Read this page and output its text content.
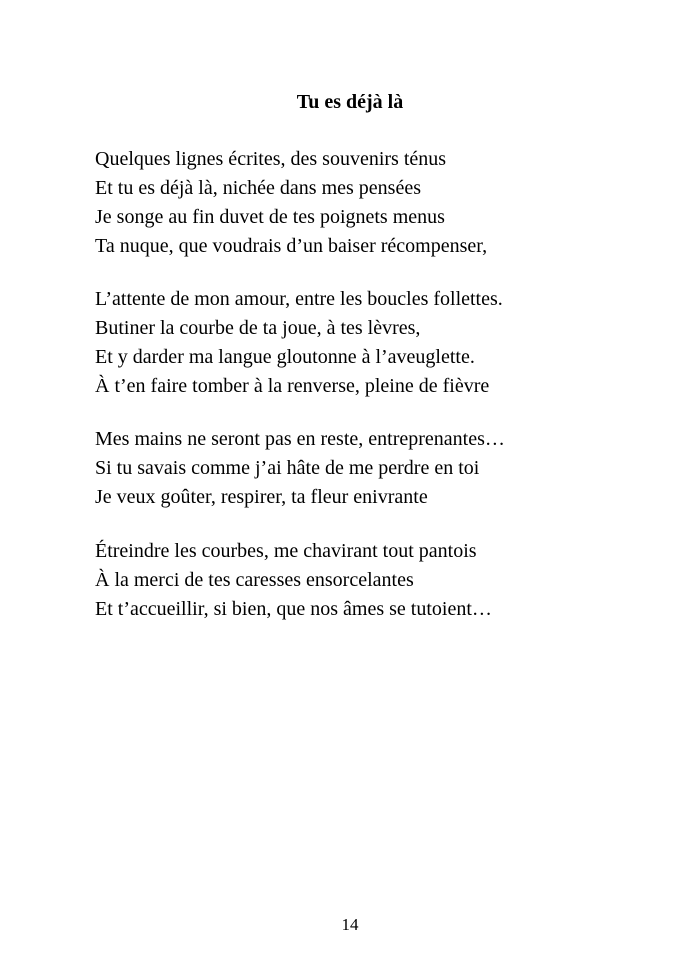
Tu es déjà là
Quelques lignes écrites, des souvenirs ténus
Et tu es déjà là, nichée dans mes pensées
Je songe au fin duvet de tes poignets menus
Ta nuque, que voudrais d’un baiser récompenser,
L’attente de mon amour, entre les boucles follettes.
Butiner la courbe de ta joue, à tes lèvres,
Et y darder ma langue gloutonne à l’aveuglette.
À t’en faire tomber à la renverse, pleine de fièvre
Mes mains ne seront pas en reste, entreprenantes…
Si tu savais comme j’ai hâte de me perdre en toi
Je veux goûter, respirer, ta fleur enivrante
Étreindre les courbes, me chavirant tout pantois
À la merci de tes caresses ensorcelantes
Et t’accueillir, si bien, que nos âmes se tutoient…
14
